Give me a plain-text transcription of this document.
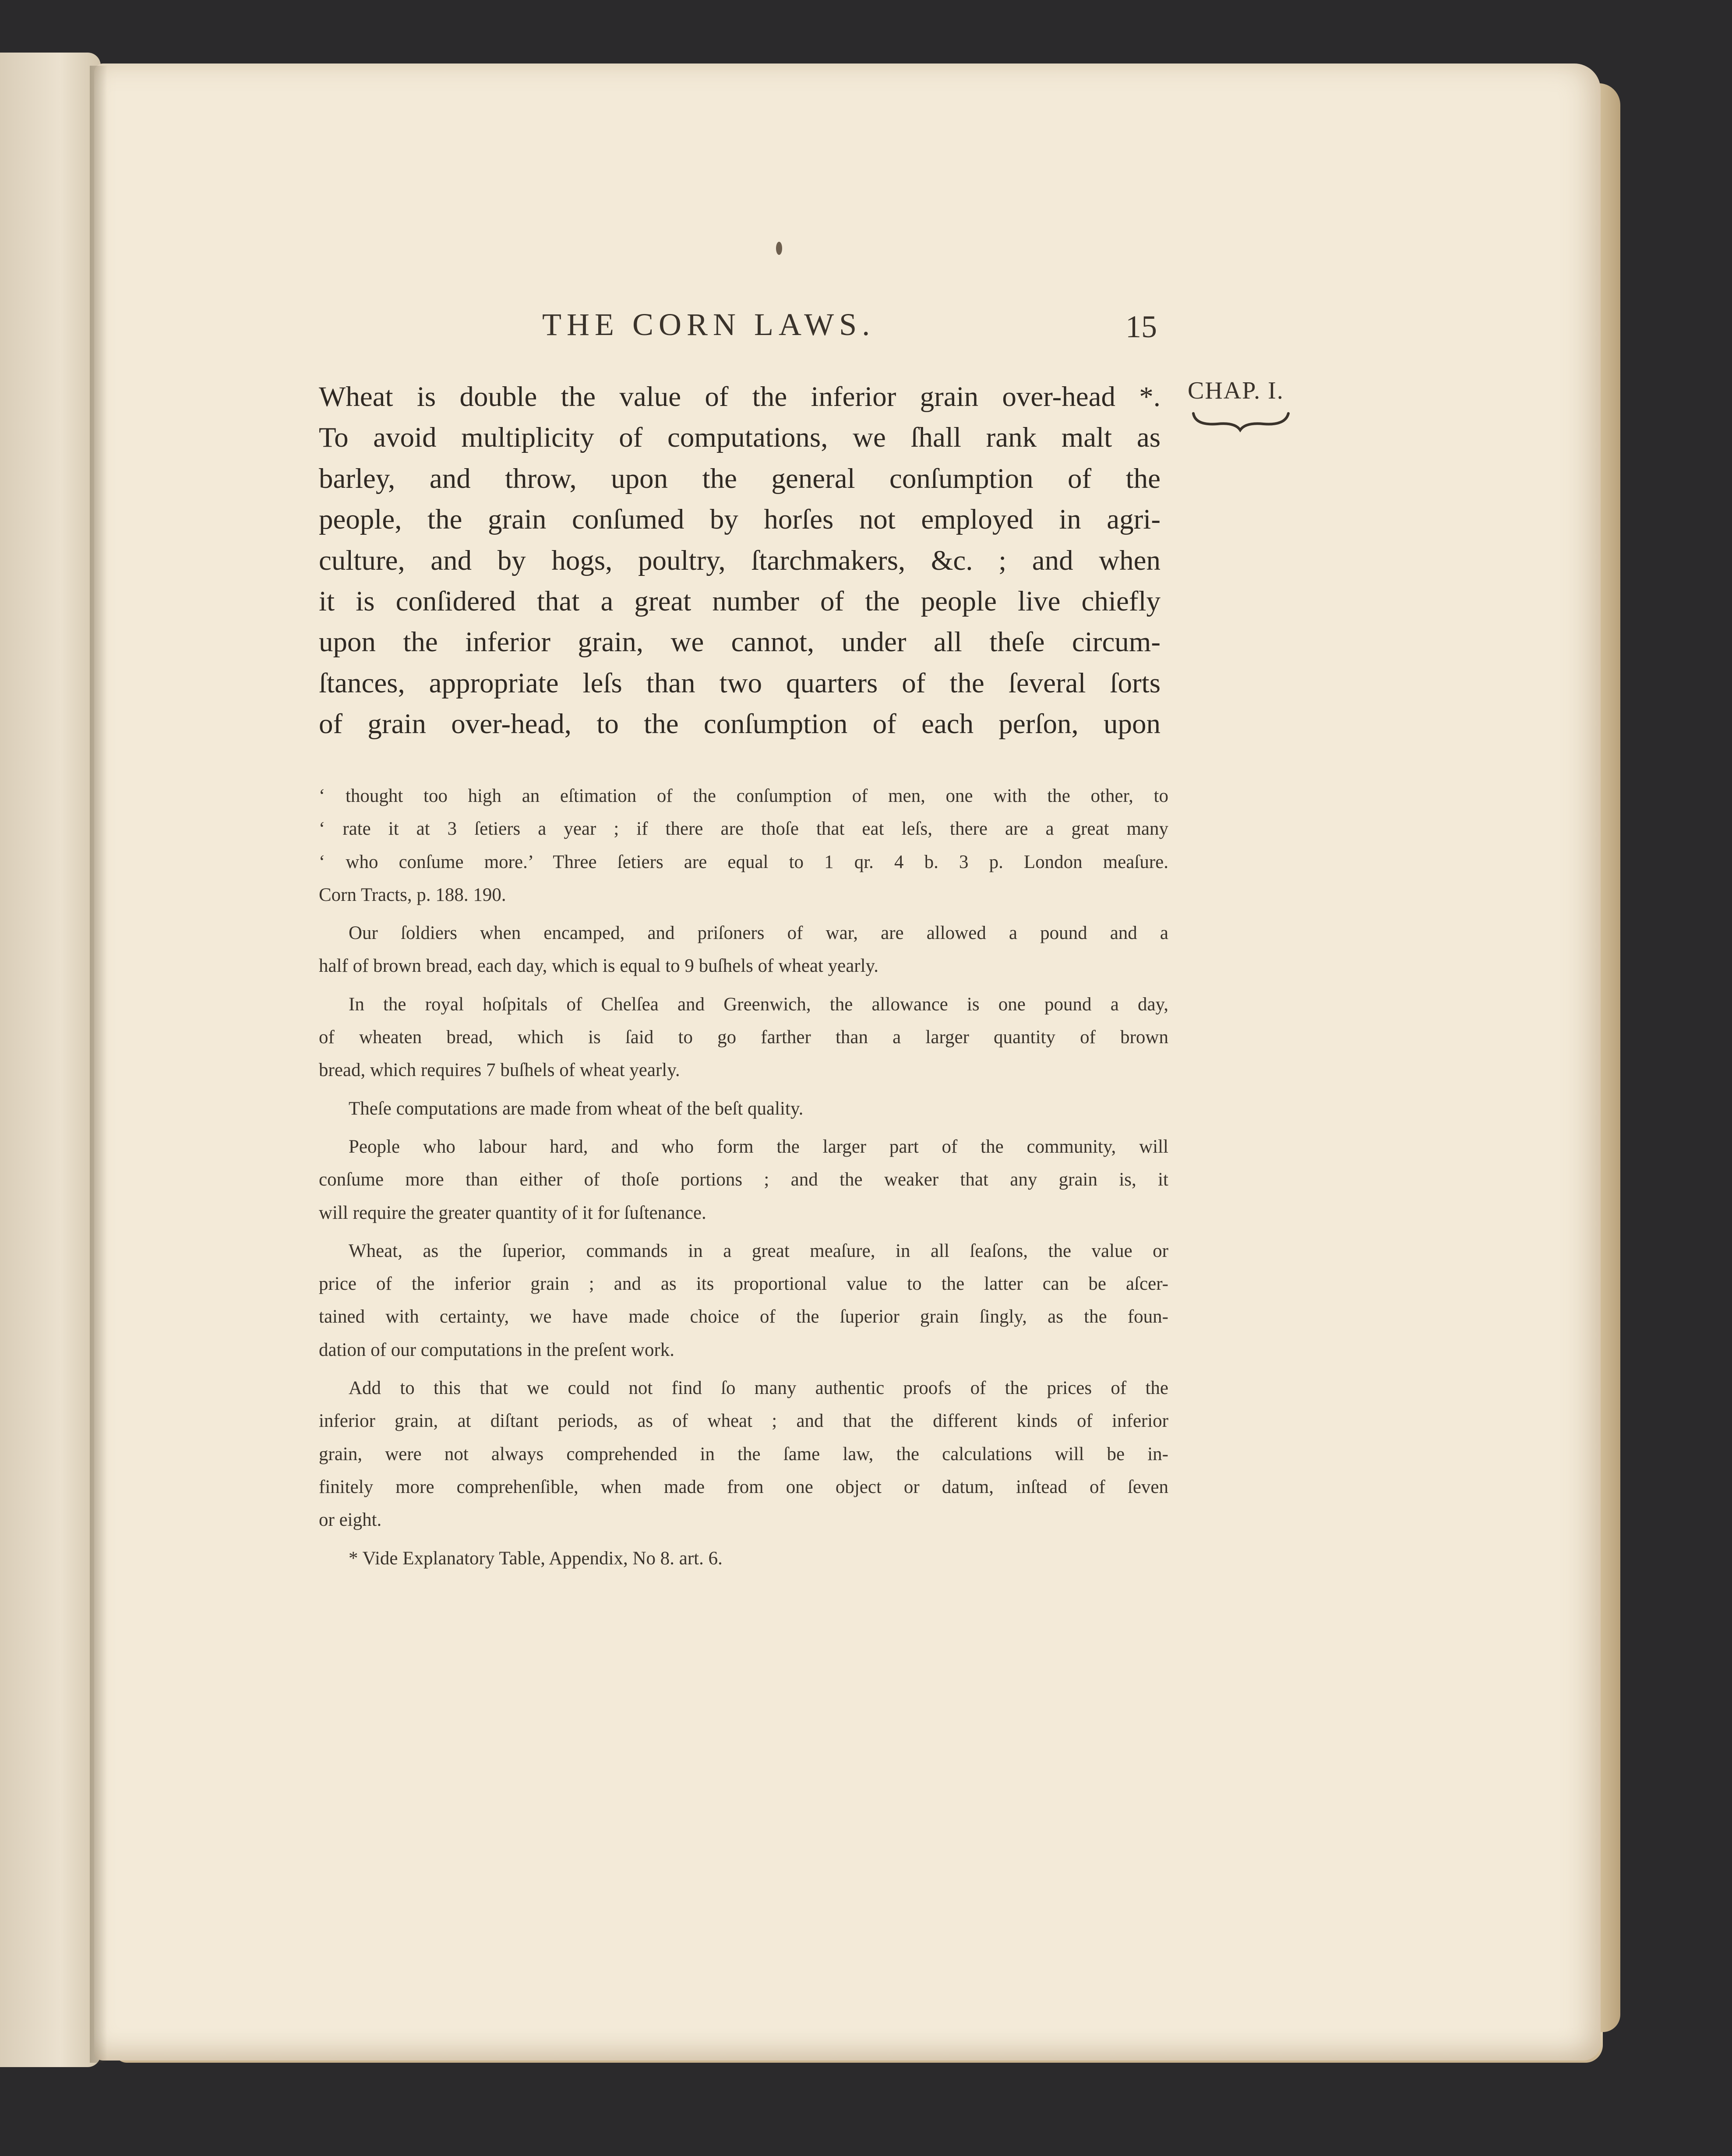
THE CORN LAWS.	15
CHAP. I.
Wheat is double the value of the inferior grain over-head *.
To avoid multiplicity of computations, we ſhall rank malt as
barley, and throw, upon the general conſumption of the
people, the grain conſumed by horſes not employed in agri-
culture, and by hogs, poultry, ſtarchmakers, &c. ; and when
it is conſidered that a great number of the people live chiefly
upon the inferior grain, we cannot, under all theſe circum-
ſtances, appropriate leſs than two quarters of the ſeveral ſorts
of grain over-head, to the conſumption of each perſon, upon
‘ thought too high an eſtimation of the conſumption of men, one with the other, to
‘ rate it at 3 ſetiers a year ; if there are thoſe that eat leſs, there are a great many
‘ who conſume more.’ Three ſetiers are equal to 1 qr. 4 b. 3 p. London meaſure.
Corn Tracts, p. 188. 190.
Our ſoldiers when encamped, and priſoners of war, are allowed a pound and a
half of brown bread, each day, which is equal to 9 buſhels of wheat yearly.
In the royal hoſpitals of Chelſea and Greenwich, the allowance is one pound a day,
of wheaten bread, which is ſaid to go farther than a larger quantity of brown
bread, which requires 7 buſhels of wheat yearly.
Theſe computations are made from wheat of the beſt quality.
People who labour hard, and who form the larger part of the community, will
conſume more than either of thoſe portions ; and the weaker that any grain is, it
will require the greater quantity of it for ſuſtenance.
Wheat, as the ſuperior, commands in a great meaſure, in all ſeaſons, the value or
price of the inferior grain ; and as its proportional value to the latter can be aſcer-
tained with certainty, we have made choice of the ſuperior grain ſingly, as the foun-
dation of our computations in the preſent work.
Add to this that we could not find ſo many authentic proofs of the prices of the
inferior grain, at diſtant periods, as of wheat ; and that the different kinds of inferior
grain, were not always comprehended in the ſame law, the calculations will be in-
finitely more comprehenſible, when made from one object or datum, inſtead of ſeven
or eight.
* Vide Explanatory Table, Appendix, No 8. art. 6.
